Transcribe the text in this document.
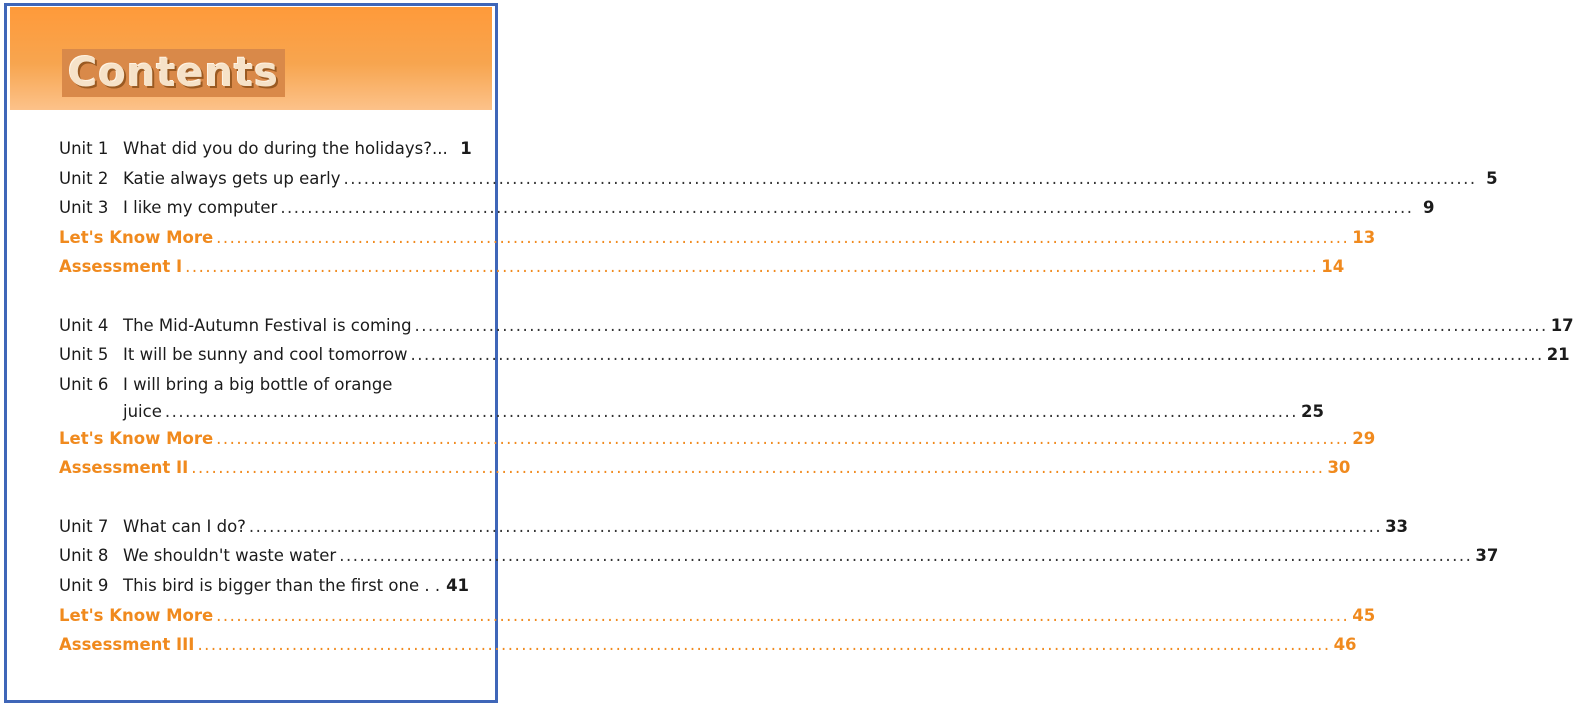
Contents
Unit 1 What did you do during the holidays?... 1
Unit 2 Katie always gets up early ........................................................................................................................................................................ 5
Unit 3 I like my computer ........................................................................................................................................................................ 9
Let's Know More ........................................................................................................................................................................ 13
Assessment I ........................................................................................................................................................................ 14
Unit 4 The Mid-Autumn Festival is coming ........................................................................................................................................................................ 17
Unit 5 It will be sunny and cool tomorrow ........................................................................................................................................................................ 21
Unit 6 I will bring a big bottle of orange
juice ........................................................................................................................................................................ 25
Let's Know More ........................................................................................................................................................................ 29
Assessment II ........................................................................................................................................................................ 30
Unit 7 What can I do? ........................................................................................................................................................................ 33
Unit 8 We shouldn't waste water ........................................................................................................................................................................ 37
Unit 9 This bird is bigger than the first one . . 41
Let's Know More ........................................................................................................................................................................ 45
Assessment III ........................................................................................................................................................................ 46
